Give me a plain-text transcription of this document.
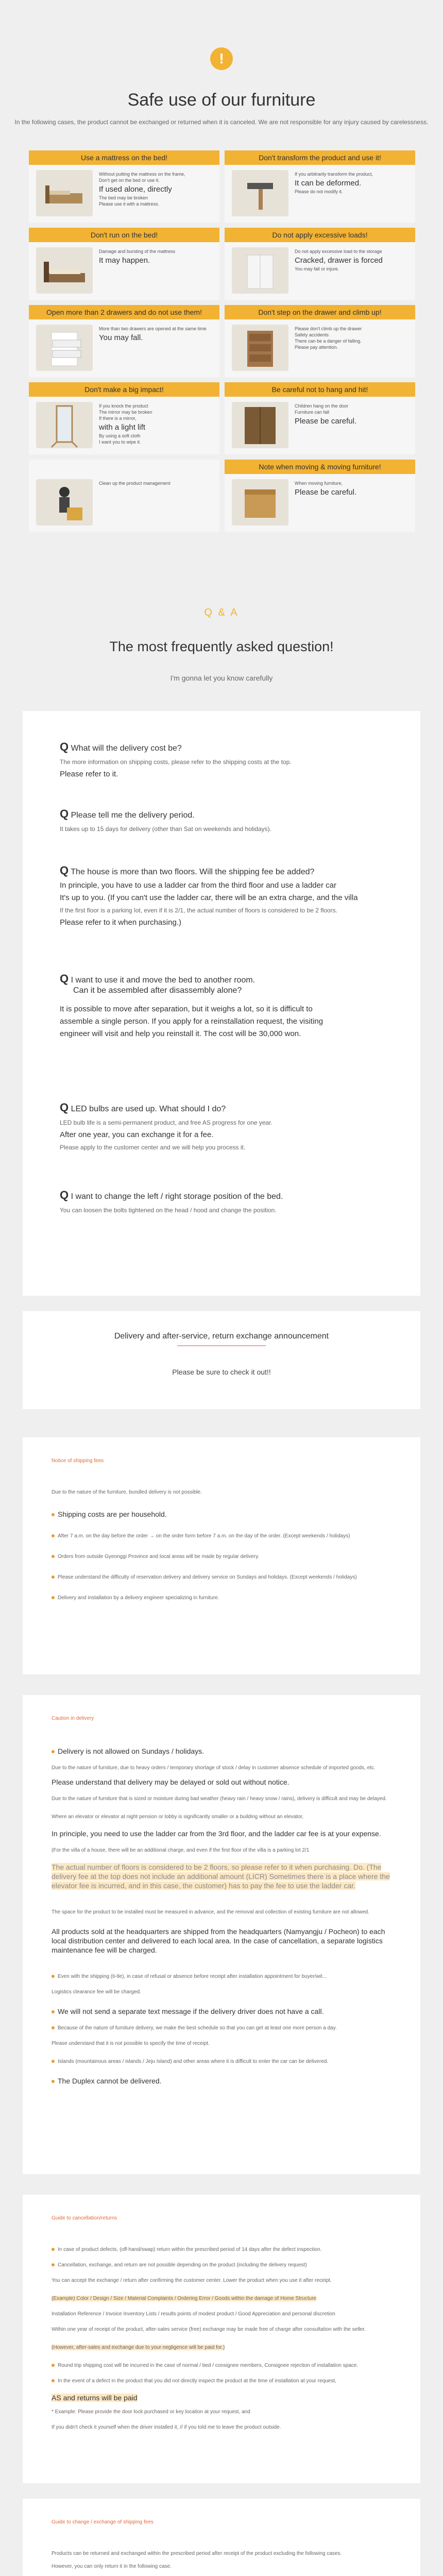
!
Safe use of our furniture
In the following cases, the product cannot be exchanged or returned when it is canceled. We are not responsible for any injury caused by carelessness.
Use a mattress on the bed!
Without putting the mattress on the frame,
Don't get on the bed or use it.
If used alone, directly
The bed may be broken
Please use it with a mattress.
Don't transform the product and use it!
If you arbitrarily transform the product,
It can be deformed.
Please do not modify it.
Don't run on the bed!
Damage and bursting of the mattress
It may happen.
Do not apply excessive loads!
Do not apply excessive load to the storage
Cracked, drawer is forced
You may fall or injure.
Open more than 2 drawers and do not use them!
More than two drawers are opened at the same time
You may fall.
Don't step on the drawer and climb up!
Please don't climb up the drawer
Safety accidents
There can be a danger of falling.
Please pay attention.
Don't make a big impact!
If you knock the product
The mirror may be broken
If there is a mirror,
with a light lift
By using a soft cloth
I want you to wipe it.
Be careful not to hang and hit!
Children hang on the door
Furniture can fall
Please be careful.
Clean up the product management
Note when moving & moving furniture!
When moving furniture,
Please be careful.
Q & A
The most frequently asked question!
I'm gonna let you know carefully
Q What will the delivery cost be?
The more information on shipping costs, please refer to the shipping costs at the top.
Please refer to it.
Q Please tell me the delivery period.
It takes up to 15 days for delivery (other than Sat on weekends and holidays).
Q The house is more than two floors. Will the shipping fee be added?
In principle, you have to use a ladder car from the third floor and use a ladder car
It's up to you. (If you can't use the ladder car, there will be an extra charge, and the villa
If the first floor is a parking lot, even if it is 2/1, the actual number of floors is considered to be 2 floors.
Please refer to it when purchasing.)
Q I want to use it and move the bed to another room.
Can it be assembled after disassembly alone?
It is possible to move after separation, but it weighs a lot, so it is difficult to
assemble a single person. If you apply for a reinstallation request, the visiting
engineer will visit and help you reinstall it. The cost will be 30,000 won.
Q LED bulbs are used up. What should I do?
LED bulb life is a semi-permanent product, and free AS progress for one year.
After one year, you can exchange it for a fee.
Please apply to the customer center and we will help you process it.
Q I want to change the left / right storage position of the bed.
You can loosen the bolts tightened on the head / hood and change the position.
Delivery and after-service, return exchange announcement
Please be sure to check it out!!
Notice of shipping fees
Due to the nature of the furniture, bundled delivery is not possible.
Shipping costs are per household.
After 7 a.m. on the day before the order → on the order form before 7 a.m. on the day of the order. (Except weekends / holidays)
Orders from outside Gyeonggi Province and local areas will be made by regular delivery.
Please understand the difficulty of reservation delivery and delivery service on Sundays and holidays. (Except weekends / holidays)
Delivery and installation by a delivery engineer specializing in furniture.
Caution in delivery
Delivery is not allowed on Sundays / holidays.
Due to the nature of furniture, due to heavy orders / temporary shortage of stock / delay in customer absence schedule of imported goods, etc.
Please understand that delivery may be delayed or sold out without notice.
Due to the nature of furniture that is sized or moisture during bad weather (heavy rain / heavy snow / rains), delivery is difficult and may be delayed.
Where an elevator or elevator at night pension or lobby is significantly smaller or a building without an elevator,
In principle, you need to use the ladder car from the 3rd floor, and the ladder car fee is at your expense.
(For the villa of a house, there will be an additional charge, and even if the first floor of the villa is a parking lot 2/1
The actual number of floors is considered to be 2 floors, so please refer to it when purchasing. Do. (The delivery fee at the top does not include an additional amount (LICR) Sometimes there is a place where the elevator fee is incurred, and in this case, the customer) has to pay the fee to use the ladder car.
The space for the product to be installed must be measured in advance, and the removal and collection of existing furniture are not allowed.
All products sold at the headquarters are shipped from the headquarters (Namyangju / Pocheon) to each local distribution center and delivered to each local area. In the case of cancellation, a separate logistics maintenance fee will be charged.
Even with the shipping (ti-tle), in case of refusal or absence before receipt after installation appointment for buyer/wit...
Logistics clearance fee will be charged.
We will not send a separate text message if the delivery driver does not have a call.
Because of the nature of furniture delivery, we make the best schedule so that you can get at least one more person a day.
Please understand that it is not possible to specify the time of receipt.
Islands (mountainous areas / islands / Jeju Island) and other areas where it is difficult to enter the car can be delivered.
The Duplex cannot be delivered.
Guide to cancellation/returns
In case of product defects, (off-hand/swap) return within the prescribed period of 14 days after the defect inspection.
Cancellation, exchange, and return are not possible depending on the product (including the delivery request)
You can accept the exchange / return after confirming the customer center. Lower the product when you use it after receipt.
(Example) Color / Design / Size / Material Complaints / Ordering Error / Goods within the damage of Home Structure
Installation Reference / Invoice Inventory Lists / results points of modest product / Good Appreciation and personal discretion
Within one year of receipt of the product, after-sales service (free) exchange may be made free of charge after consultation with the seller.
(However, after-sales and exchange due to your negligence will be paid for.)
Round trip shipping cost will be incurred in the case of normal / bed / consignee members, Consignee rejection of installation space.
In the event of a defect in the product that you did not directly inspect the product at the time of installation at your request,
AS and returns will be paid
* Example: Please provide the door lock purchased or key location at your request, and
If you didn't check it yourself when the driver installed it, // if you told me to leave the product outside.
Guide to change / exchange of shipping fees
Products can be returned and exchanged within the prescribed period after receipt of the product excluding the following cases.
However, you can only return it in the following case.
